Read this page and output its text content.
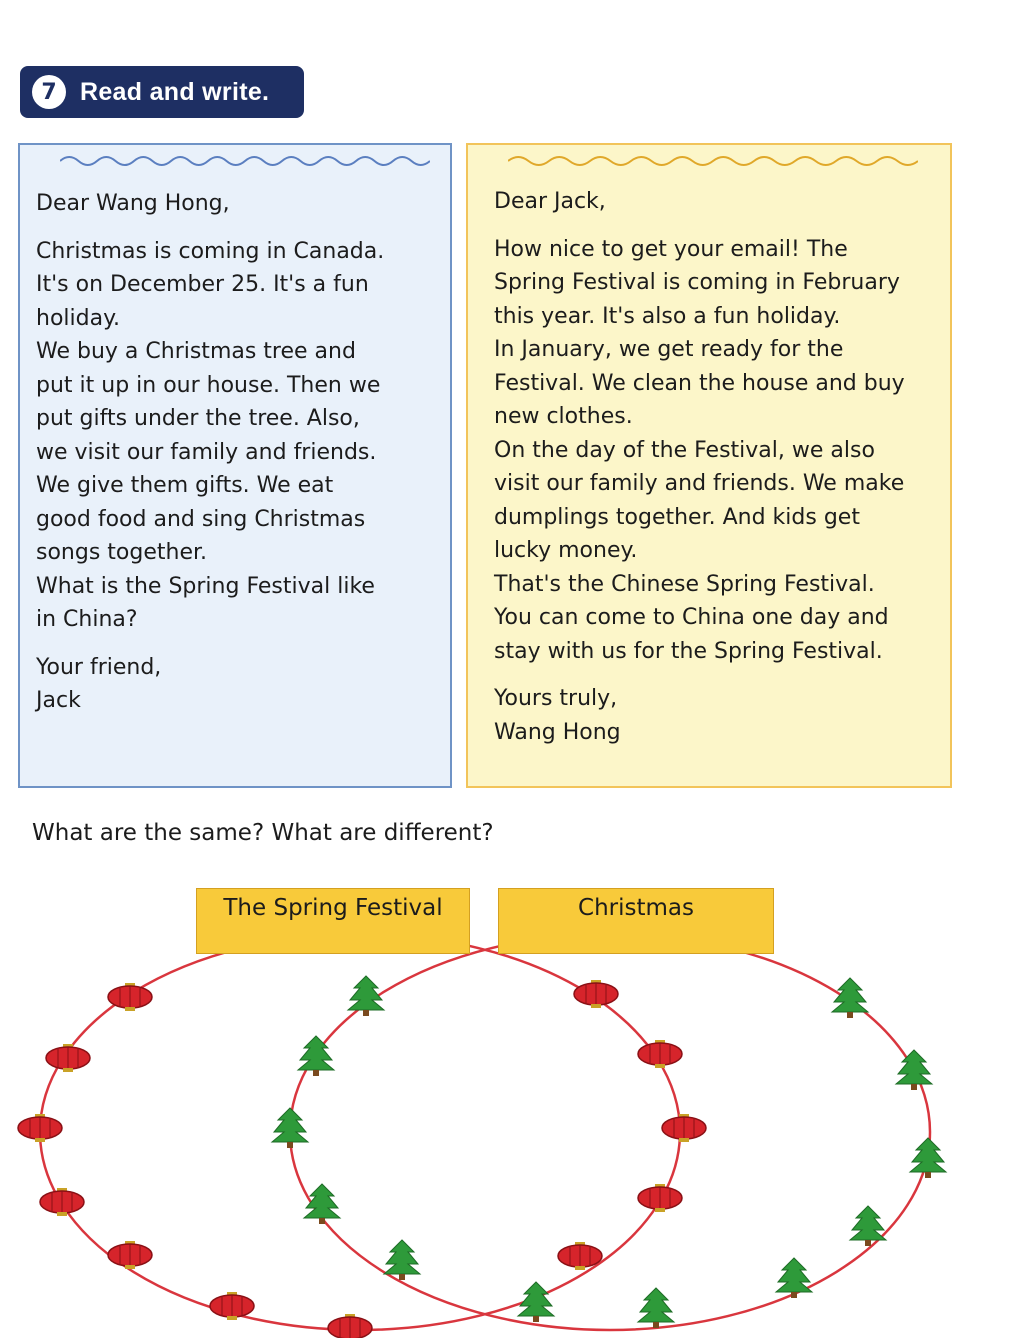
7 Read and write.

Dear Wang Hong,

Christmas is coming in Canada.

It's on December 25. It's a fun

holiday.

We buy a Christmas tree and

put it up in our house. Then we

put gifts under the tree. Also,

we visit our family and friends.

We give them gifts. We eat

good food and sing Christmas

songs together.

What is the Spring Festival like

in China?

Your friend,

Jack

Dear Jack,

How nice to get your email! The

Spring Festival is coming in February

this year. It's also a fun holiday.

In January, we get ready for the

Festival. We clean the house and buy

new clothes.

On the day of the Festival, we also

visit our family and friends. We make

dumplings together. And kids get

lucky money.

That's the Chinese Spring Festival.

You can come to China one day and

stay with us for the Spring Festival.

Yours truly,

Wang Hong

What are the same? What are different?

The Spring Festival	Christmas
